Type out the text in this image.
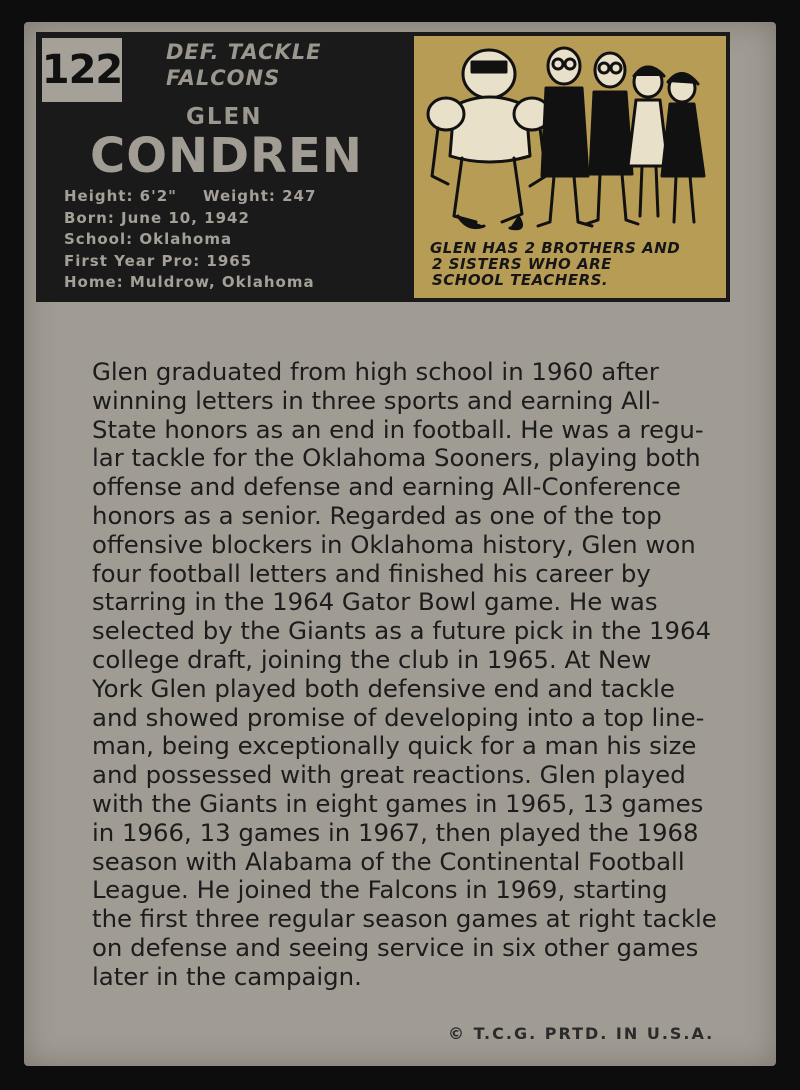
122 DEF. TACKLE
FALCONS
GLEN
CONDREN
Height: 6'2" Weight: 247
Born: June 10, 1942
School: Oklahoma
First Year Pro: 1965
Home: Muldrow, Oklahoma
GLEN HAS 2 BROTHERS AND
2 SISTERS WHO ARE
SCHOOL TEACHERS.
Glen graduated from high school in 1960 after
winning letters in three sports and earning All-
State honors as an end in football. He was a regu-
lar tackle for the Oklahoma Sooners, playing both
offense and defense and earning All-Conference
honors as a senior. Regarded as one of the top
offensive blockers in Oklahoma history, Glen won
four football letters and finished his career by
starring in the 1964 Gator Bowl game. He was
selected by the Giants as a future pick in the 1964
college draft, joining the club in 1965. At New
York Glen played both defensive end and tackle
and showed promise of developing into a top line-
man, being exceptionally quick for a man his size
and possessed with great reactions. Glen played
with the Giants in eight games in 1965, 13 games
in 1966, 13 games in 1967, then played the 1968
season with Alabama of the Continental Football
League. He joined the Falcons in 1969, starting
the first three regular season games at right tackle
on defense and seeing service in six other games
later in the campaign.
© T.C.G. PRTD. IN U.S.A.
